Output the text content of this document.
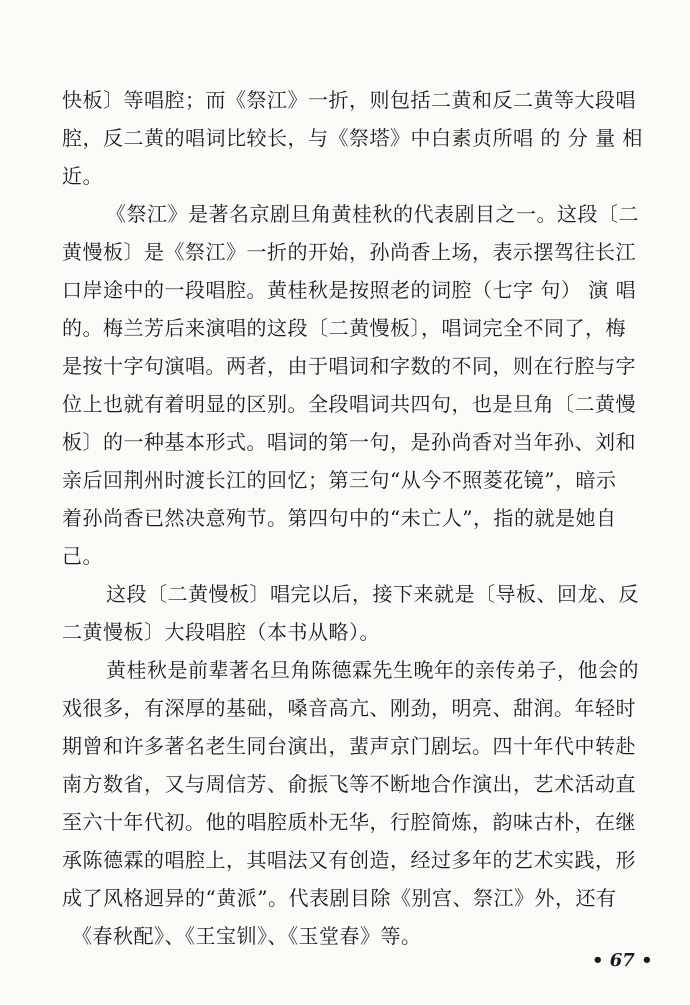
快板〕等唱腔；而《祭江》一折，则包括二黄和反二黄等大段唱
腔，反二黄的唱词比较长，与《祭塔》中白素贞所唱 的 分 量 相
近。
《祭江》是著名京剧旦角黄桂秋的代表剧目之一。这段〔二
黄慢板〕是《祭江》一折的开始，孙尚香上场，表示摆驾往长江
口岸途中的一段唱腔。黄桂秋是按照老的词腔（七字 句） 演 唱
的。梅兰芳后来演唱的这段〔二黄慢板〕，唱词完全不同了，梅
是按十字句演唱。两者，由于唱词和字数的不同，则在行腔与字
位上也就有着明显的区别。全段唱词共四句，也是旦角〔二黄慢
板〕的一种基本形式。唱词的第一句，是孙尚香对当年孙、刘和
亲后回荆州时渡长江的回忆；第三句“从今不照菱花镜”，暗示
着孙尚香已然决意殉节。第四句中的“未亡人”，指的就是她自
己。
这段〔二黄慢板〕唱完以后，接下来就是〔导板、回龙、反
二黄慢板〕大段唱腔（本书从略）。
黄桂秋是前辈著名旦角陈德霖先生晚年的亲传弟子，他会的
戏很多，有深厚的基础，嗓音高亢、刚劲，明亮、甜润。年轻时
期曾和许多著名老生同台演出，蜚声京门剧坛。四十年代中转赴
南方数省，又与周信芳、俞振飞等不断地合作演出，艺术活动直
至六十年代初。他的唱腔质朴无华，行腔简炼，韵味古朴，在继
承陈德霖的唱腔上，其唱法又有创造，经过多年的艺术实践，形
成了风格迥异的“黄派”。代表剧目除《别宫、祭江》外，还有
《春秋配》、《王宝钏》、《玉堂春》等。
• 67 •
